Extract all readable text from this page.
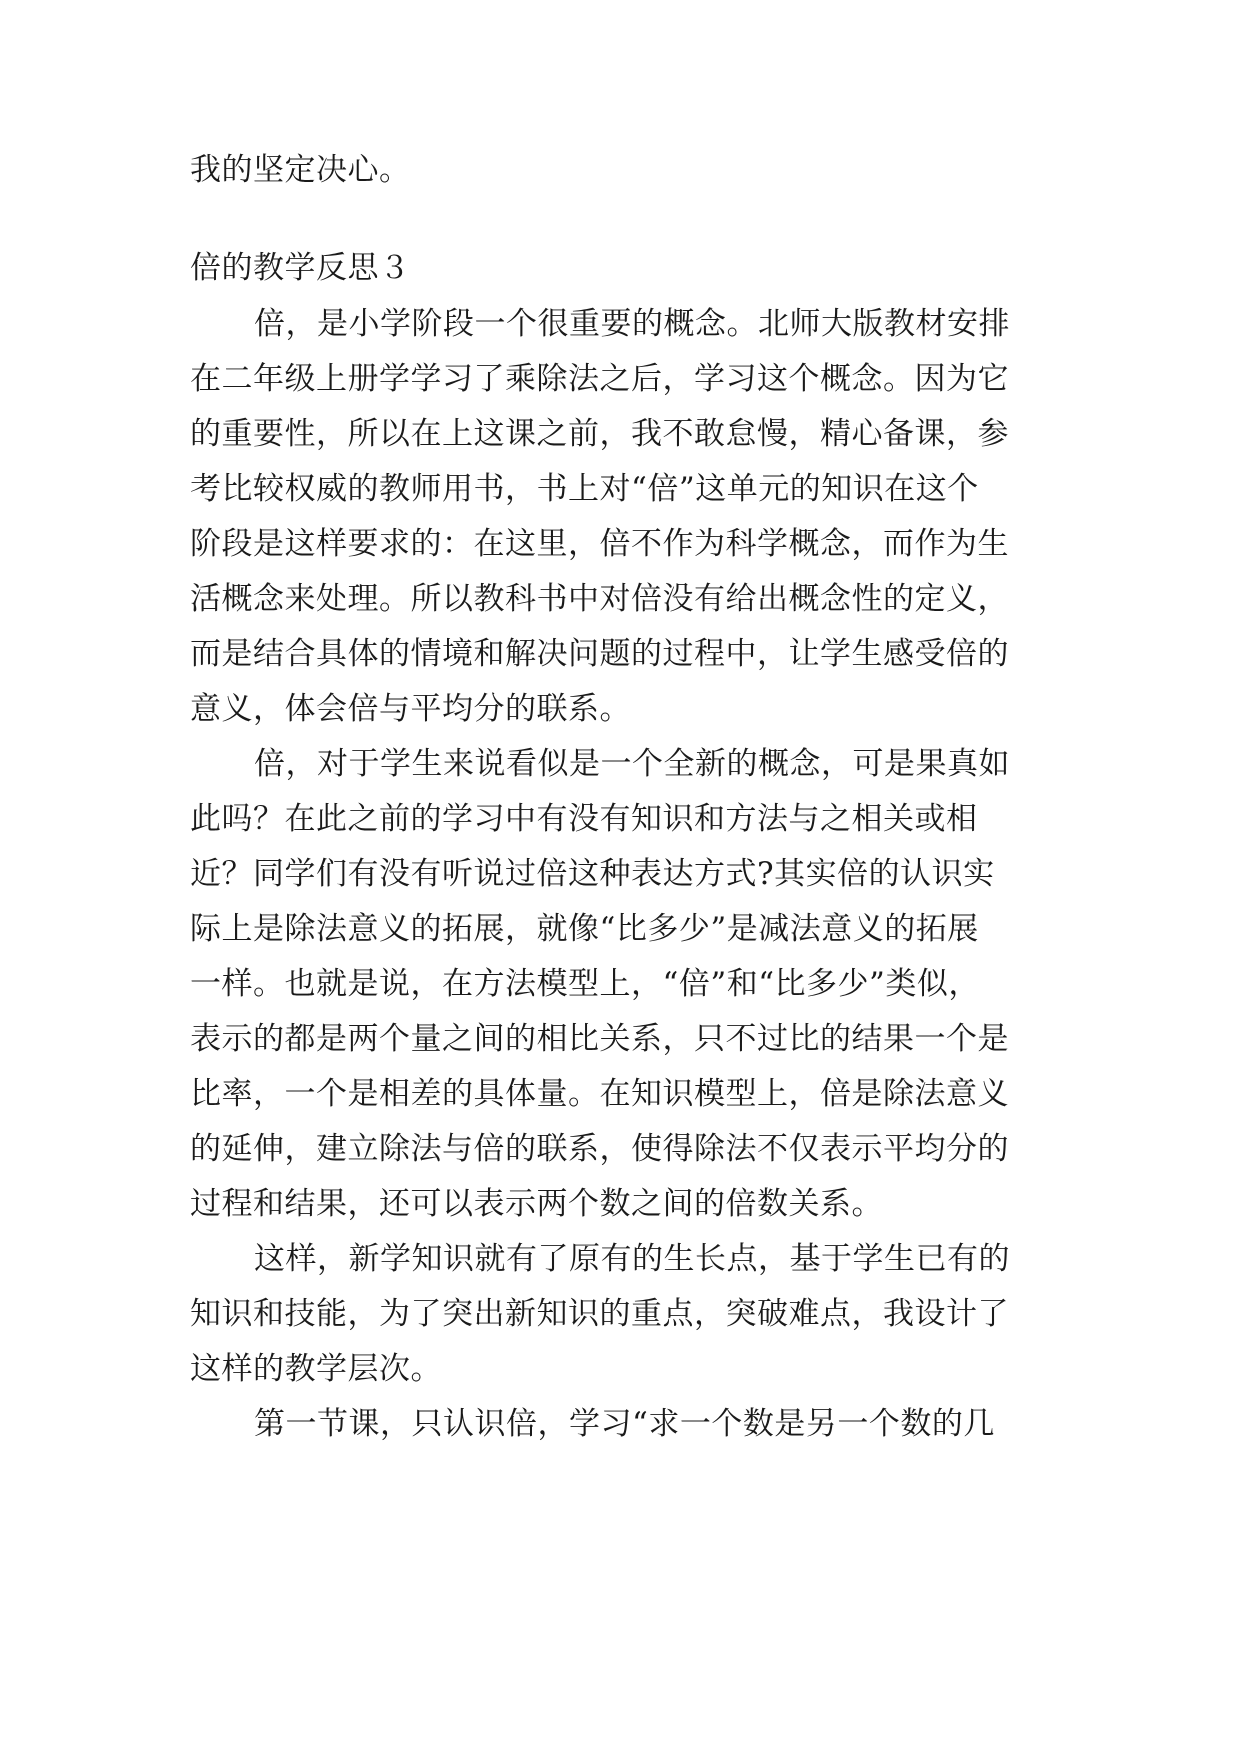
我的坚定决心。
倍的教学反思３
倍，是小学阶段一个很重要的概念。北师大版教材安排
在二年级上册学学习了乘除法之后，学习这个概念。因为它
的重要性，所以在上这课之前，我不敢怠慢，精心备课，参
考比较权威的教师用书，书上对“倍”这单元的知识在这个
阶段是这样要求的：在这里，倍不作为科学概念，而作为生
活概念来处理。所以教科书中对倍没有给出概念性的定义，
而是结合具体的情境和解决问题的过程中，让学生感受倍的
意义，体会倍与平均分的联系。
倍，对于学生来说看似是一个全新的概念，可是果真如
此吗？在此之前的学习中有没有知识和方法与之相关或相
近？同学们有没有听说过倍这种表达方式?其实倍的认识实
际上是除法意义的拓展，就像“比多少”是减法意义的拓展
一样。也就是说，在方法模型上，“倍”和“比多少”类似，
表示的都是两个量之间的相比关系，只不过比的结果一个是
比率，一个是相差的具体量。在知识模型上，倍是除法意义
的延伸，建立除法与倍的联系，使得除法不仅表示平均分的
过程和结果，还可以表示两个数之间的倍数关系。
这样，新学知识就有了原有的生长点，基于学生已有的
知识和技能，为了突出新知识的重点，突破难点，我设计了
这样的教学层次。
第一节课，只认识倍，学习“求一个数是另一个数的几
